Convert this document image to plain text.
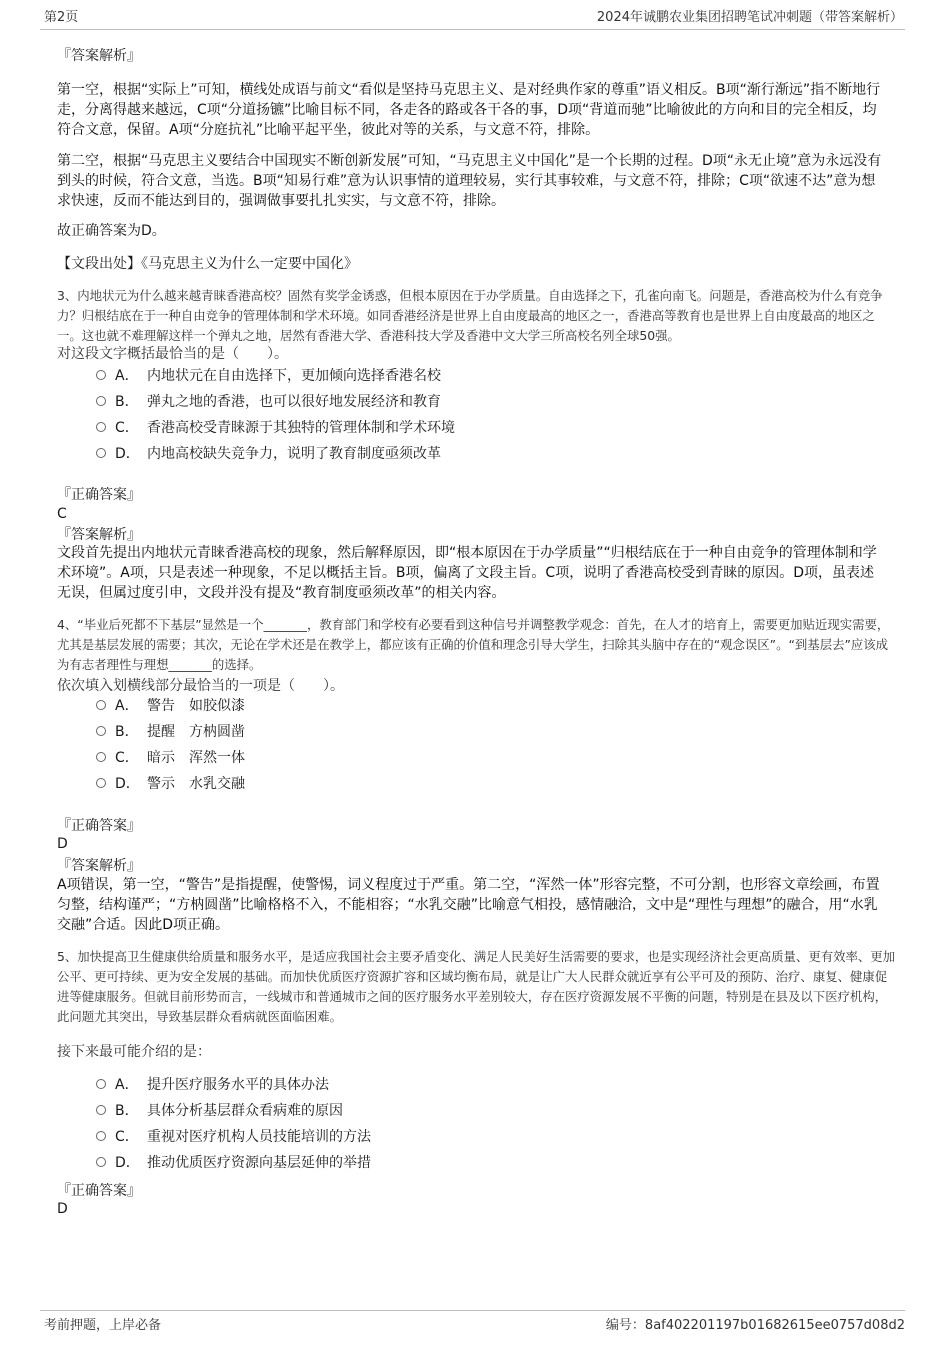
第2页	2024年诚鹏农业集团招聘笔试冲刺题（带答案解析）
『答案解析』

第一空，根据“实际上”可知，横线处成语与前文“看似是坚持马克思主义、是对经典作家的尊重”语义相反。B项“渐行渐远”指不断地行走，分离得越来越远，C项“分道扬镳”比喻目标不同，各走各的路或各干各的事，D项“背道而驰”比喻彼此的方向和目的完全相反，均符合文意，保留。A项“分庭抗礼”比喻平起平坐，彼此对等的关系，与文意不符，排除。

第二空，根据“马克思主义要结合中国现实不断创新发展”可知，“马克思主义中国化”是一个长期的过程。D项“永无止境”意为永远没有到头的时候，符合文意，当选。B项“知易行难”意为认识事情的道理较易，实行其事较难，与文意不符，排除；C项“欲速不达”意为想求快速，反而不能达到目的，强调做事要扎扎实实，与文意不符，排除。

故正确答案为D。
【文段出处】《马克思主义为什么一定要中国化》

3、内地状元为什么越来越青睐香港高校？固然有奖学金诱惑，但根本原因在于办学质量。自由选择之下，孔雀向南飞。问题是，香港高校为什么有竞争力？归根结底在于一种自由竞争的管理体制和学术环境。如同香港经济是世界上自由度最高的地区之一，香港高等教育也是世界上自由度最高的地区之一。这也就不难理解这样一个弹丸之地，居然有香港大学、香港科技大学及香港中文大学三所高校名列全球50强。

对这段文字概括最恰当的是（　　）。
A． 内地状元在自由选择下，更加倾向选择香港名校
B． 弹丸之地的香港，也可以很好地发展经济和教育
C． 香港高校受青睐源于其独特的管理体制和学术环境
D． 内地高校缺失竞争力，说明了教育制度亟须改革
『正确答案』
C
『答案解析』

文段首先提出内地状元青睐香港高校的现象，然后解释原因，即“根本原因在于办学质量”“归根结底在于一种自由竞争的管理体制和学术环境”。A项，只是表述一种现象，不足以概括主旨。B项，偏离了文段主旨。C项，说明了香港高校受到青睐的原因。D项，虽表述无误，但属过度引申，文段并没有提及“教育制度亟须改革”的相关内容。

4、“毕业后死都不下基层”显然是一个_______，教育部门和学校有必要看到这种信号并调整教学观念：首先，在人才的培育上，需要更加贴近现实需要，尤其是基层发展的需要；其次，无论在学术还是在教学上，都应该有正确的价值和理念引导大学生，扫除其头脑中存在的“观念误区”。“到基层去”应该成为有志者理性与理想_______的选择。

依次填入划横线部分最恰当的一项是（　　）。
A． 警告　如胶似漆
B． 提醒　方枘圆凿
C． 暗示　浑然一体
D． 警示　水乳交融
『正确答案』
D
『答案解析』

A项错误，第一空，“警告”是指提醒，使警惕，词义程度过于严重。第二空，“浑然一体”形容完整，不可分割，也形容文章绘画，布置匀整，结构谨严；“方枘圆凿”比喻格格不入，不能相容；“水乳交融”比喻意气相投，感情融洽，文中是“理性与理想”的融合，用“水乳交融”合适。因此D项正确。

5、加快提高卫生健康供给质量和服务水平，是适应我国社会主要矛盾变化、满足人民美好生活需要的要求，也是实现经济社会更高质量、更有效率、更加公平、更可持续、更为安全发展的基础。而加快优质医疗资源扩容和区域均衡布局，就是让广大人民群众就近享有公平可及的预防、治疗、康复、健康促进等健康服务。但就目前形势而言，一线城市和普通城市之间的医疗服务水平差别较大，存在医疗资源发展不平衡的问题，特别是在县及以下医疗机构，此问题尤其突出，导致基层群众看病就医面临困难。

接下来最可能介绍的是：
A． 提升医疗服务水平的具体办法
B． 具体分析基层群众看病难的原因
C． 重视对医疗机构人员技能培训的方法
D． 推动优质医疗资源向基层延伸的举措
『正确答案』
D
考前押题，上岸必备	编号：8af402201197b01682615ee0757d08d2
